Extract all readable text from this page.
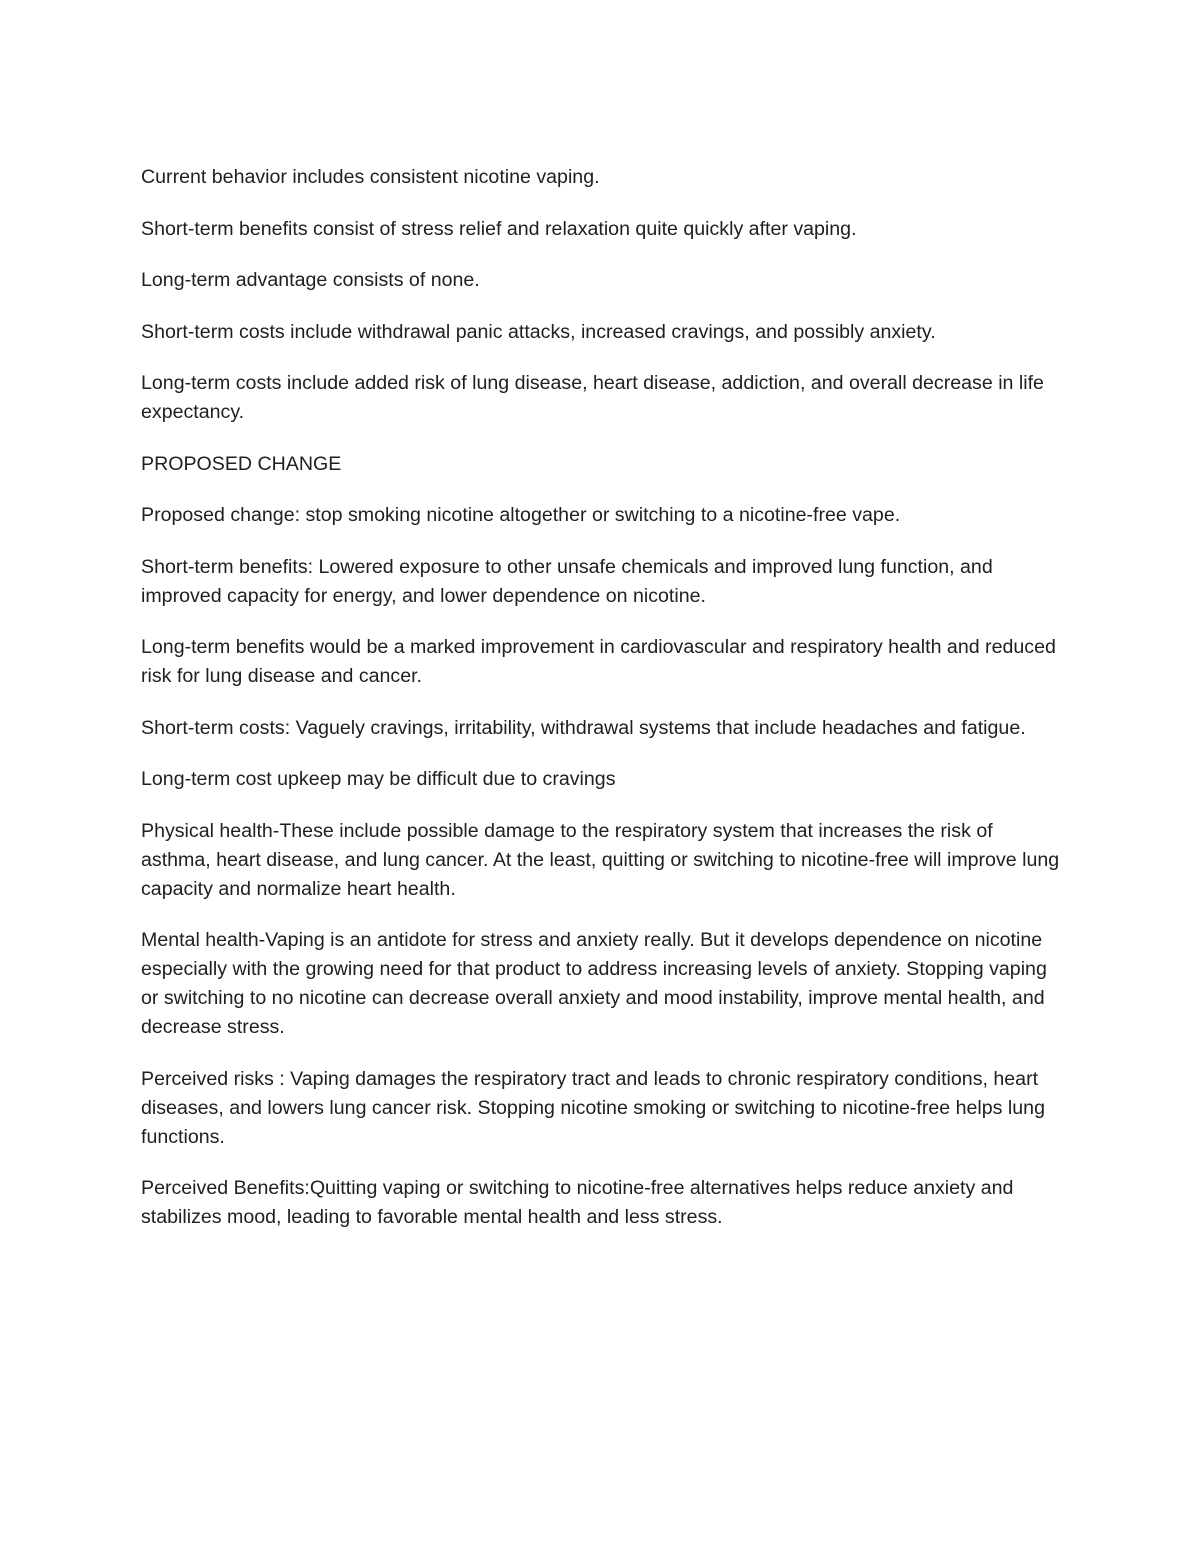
Current behavior includes consistent nicotine vaping.

Short-term benefits consist of stress relief and relaxation quite quickly after vaping.

Long-term advantage consists of none.

Short-term costs include withdrawal panic attacks, increased cravings, and possibly anxiety.

Long-term costs include added risk of lung disease, heart disease, addiction, and overall decrease in life expectancy.

PROPOSED CHANGE

Proposed change: stop smoking nicotine altogether or switching to a nicotine-free vape.

Short-term benefits: Lowered exposure to other unsafe chemicals and improved lung function, and improved capacity for energy, and lower dependence on nicotine.

Long-term benefits would be a marked improvement in cardiovascular and respiratory health and reduced risk for lung disease and cancer.

Short-term costs: Vaguely cravings, irritability, withdrawal systems that include headaches and fatigue.

Long-term cost upkeep may be difficult due to cravings

Physical health-These include possible damage to the respiratory system that increases the risk of asthma, heart disease, and lung cancer. At the least, quitting or switching to nicotine-free will improve lung capacity and normalize heart health.

Mental health-Vaping is an antidote for stress and anxiety really. But it develops dependence on nicotine especially with the growing need for that product to address increasing levels of anxiety. Stopping vaping or switching to no nicotine can decrease overall anxiety and mood instability, improve mental health, and decrease stress.

Perceived risks : Vaping damages the respiratory tract and leads to chronic respiratory conditions, heart diseases, and lowers lung cancer risk. Stopping nicotine smoking or switching to nicotine-free helps lung functions.

Perceived Benefits:Quitting vaping or switching to nicotine-free alternatives helps reduce anxiety and stabilizes mood, leading to favorable mental health and less stress.
